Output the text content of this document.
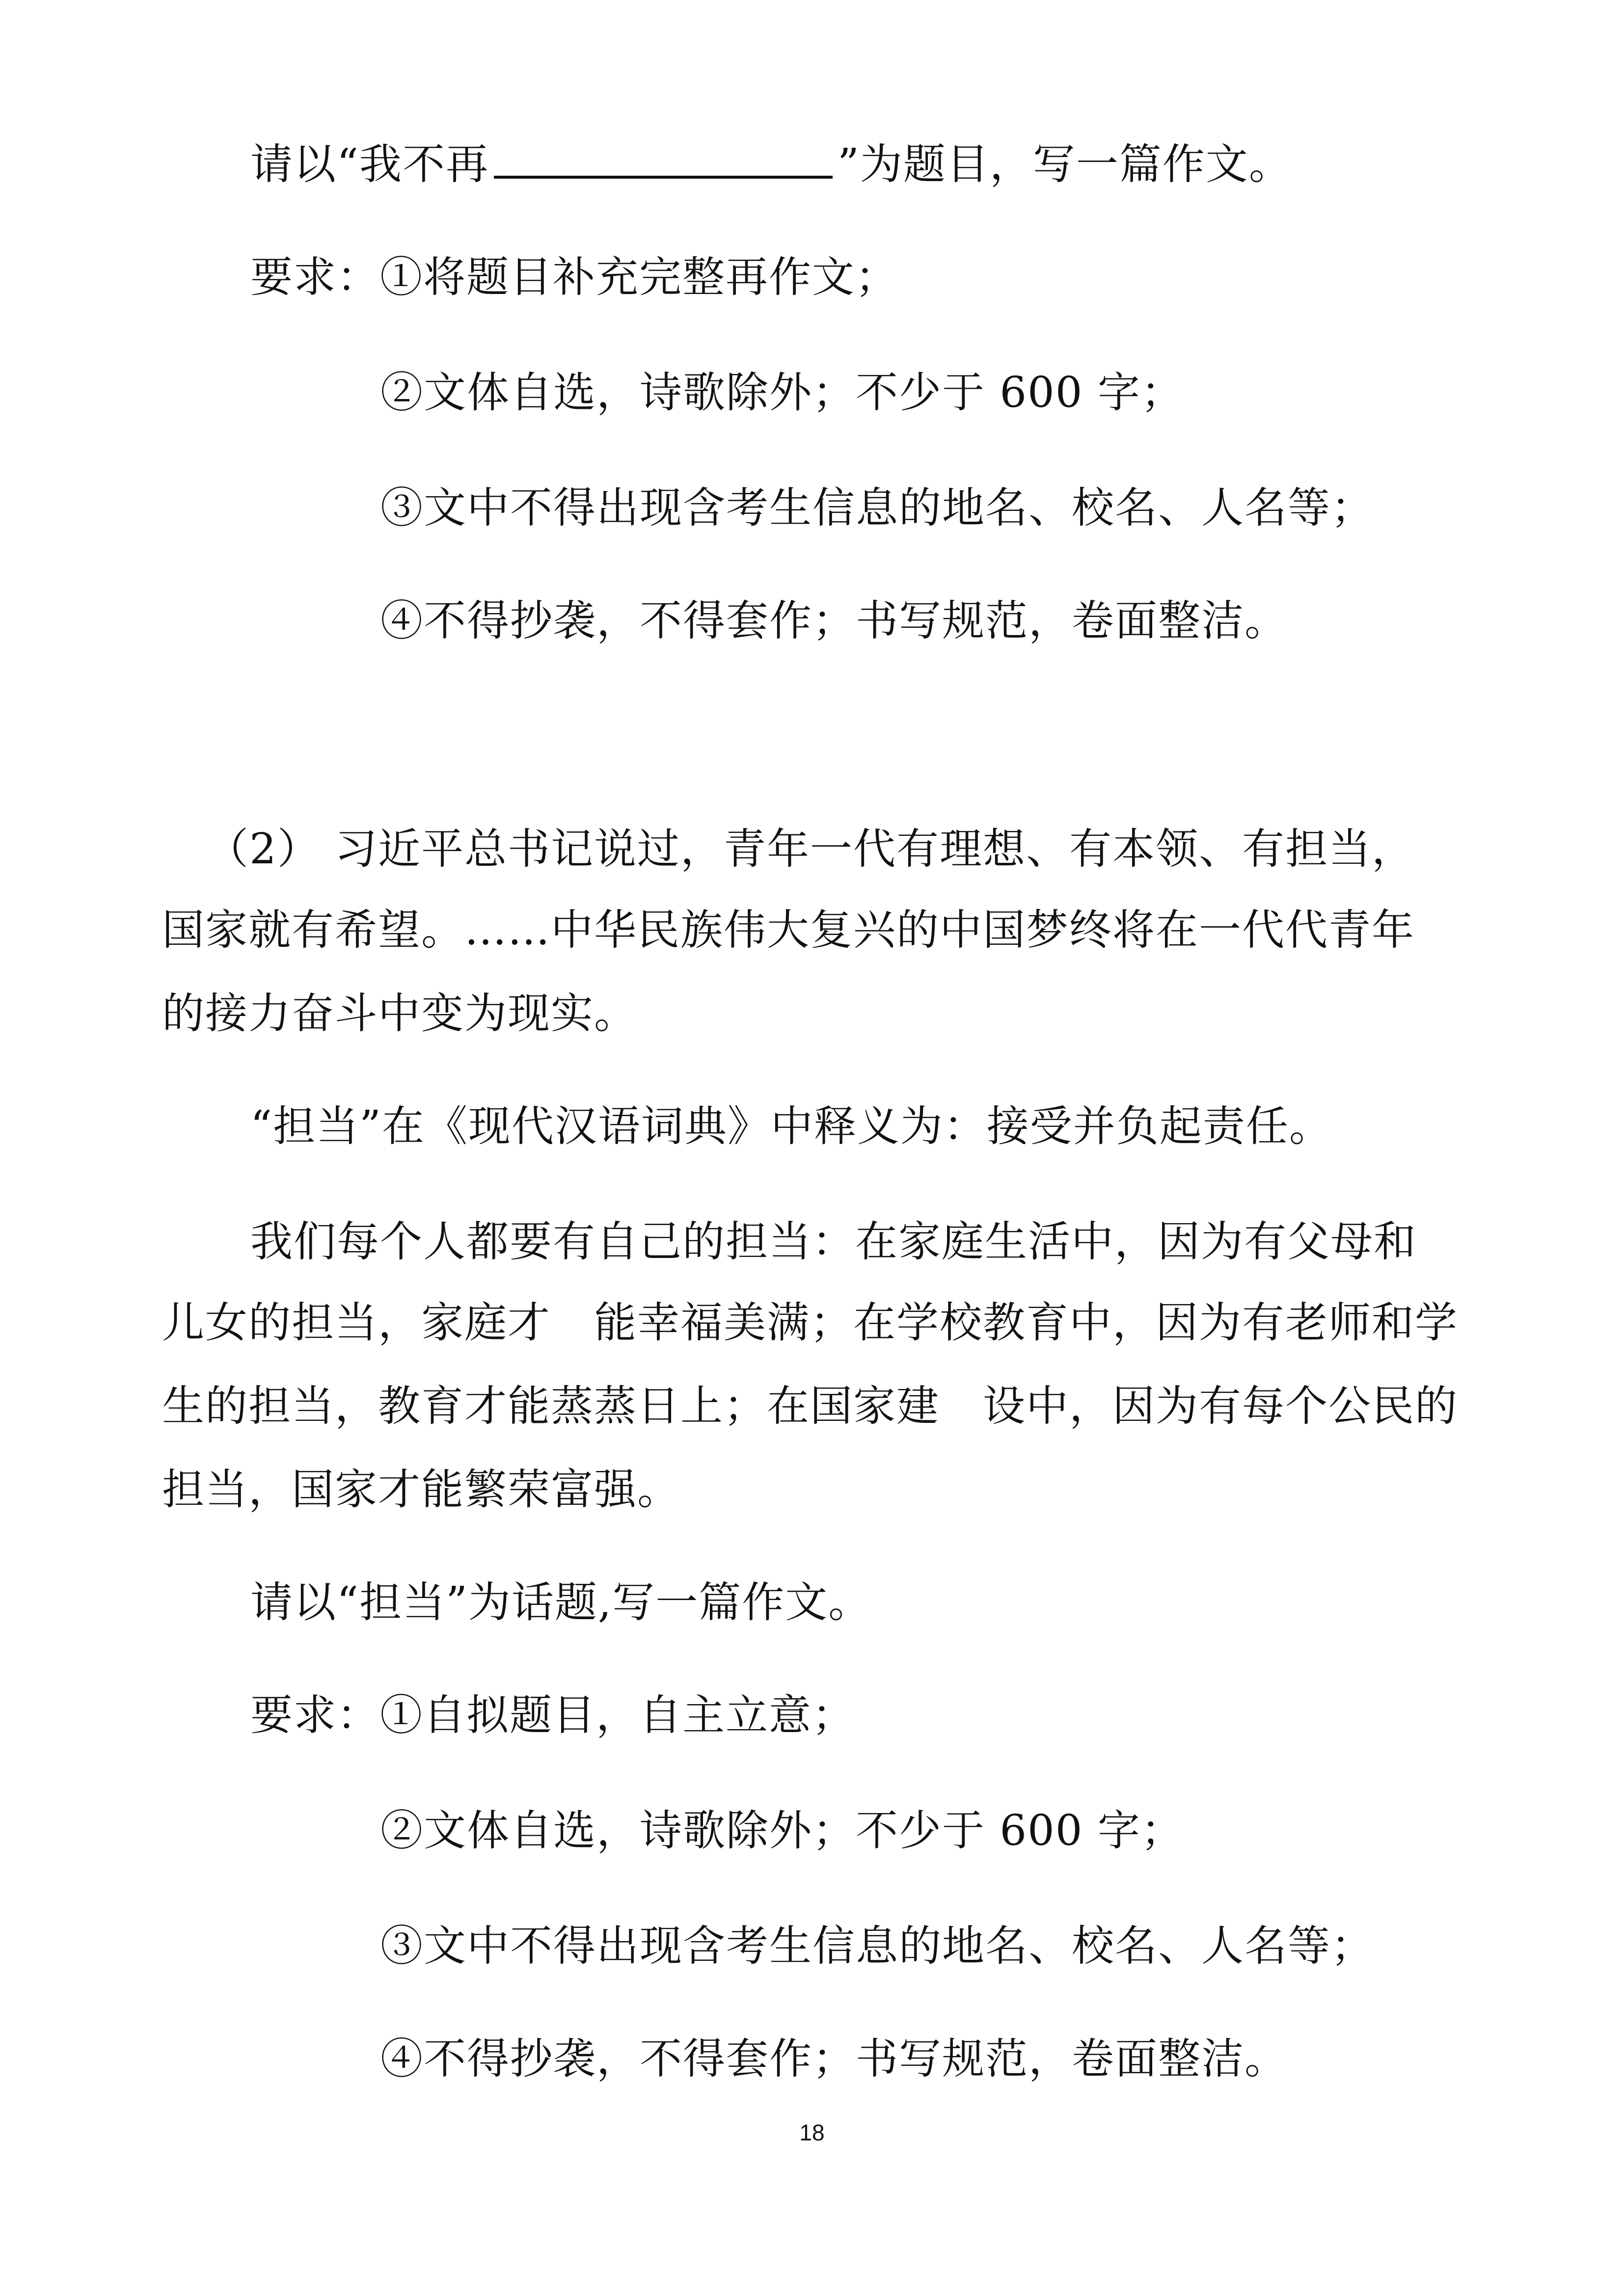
请以“我不再	”为题目，写一篇作文。
要求：①将题目补充完整再作文；
②文体自选，诗歌除外；不少于 600 字；
③文中不得出现含考生信息的地名、校名、人名等；
④不得抄袭，不得套作；书写规范，卷面整洁。
（2） 习近平总书记说过，青年一代有理想、有本领、有担当，
国家就有希望。……中华民族伟大复兴的中国梦终将在一代代青年
的接力奋斗中变为现实。
“担当”在《现代汉语词典》中释义为：接受并负起责任。
我们每个人都要有自己的担当：在家庭生活中，因为有父母和
儿女的担当，家庭才　能幸福美满；在学校教育中，因为有老师和学
生的担当，教育才能蒸蒸日上；在国家建　设中，因为有每个公民的
担当，国家才能繁荣富强。
请以“担当”为话题,写一篇作文。
要求：①自拟题目，自主立意；
②文体自选，诗歌除外；不少于 600 字；
③文中不得出现含考生信息的地名、校名、人名等；
④不得抄袭，不得套作；书写规范，卷面整洁。
18
